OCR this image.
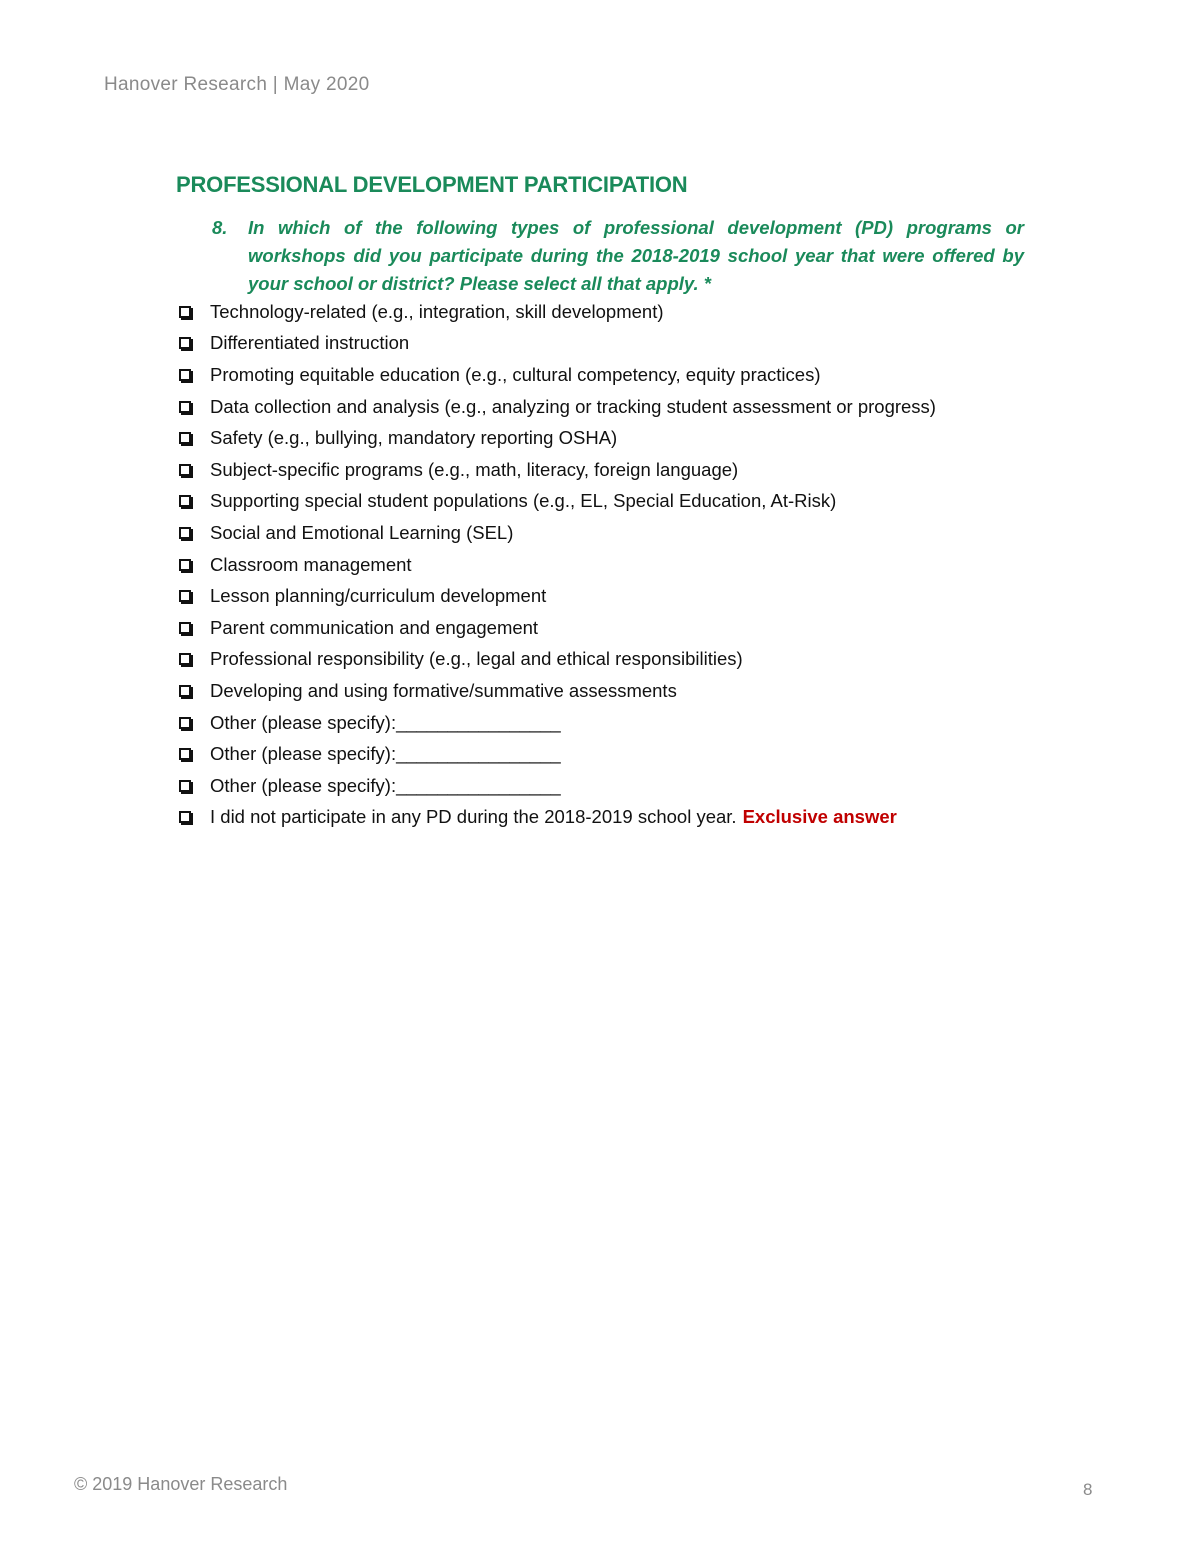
Hanover Research | May 2020
PROFESSIONAL DEVELOPMENT PARTICIPATION
8. In which of the following types of professional development (PD) programs or workshops did you participate during the 2018-2019 school year that were offered by your school or district? Please select all that apply. *
Technology-related (e.g., integration, skill development)
Differentiated instruction
Promoting equitable education (e.g., cultural competency, equity practices)
Data collection and analysis (e.g., analyzing or tracking student assessment or progress)
Safety (e.g., bullying, mandatory reporting OSHA)
Subject-specific programs (e.g., math, literacy, foreign language)
Supporting special student populations (e.g., EL, Special Education, At-Risk)
Social and Emotional Learning (SEL)
Classroom management
Lesson planning/curriculum development
Parent communication and engagement
Professional responsibility (e.g., legal and ethical responsibilities)
Developing and using formative/summative assessments
Other (please specify):________________
Other (please specify):________________
Other (please specify):________________
I did not participate in any PD during the 2018-2019 school year. Exclusive answer
© 2019 Hanover Research	8
